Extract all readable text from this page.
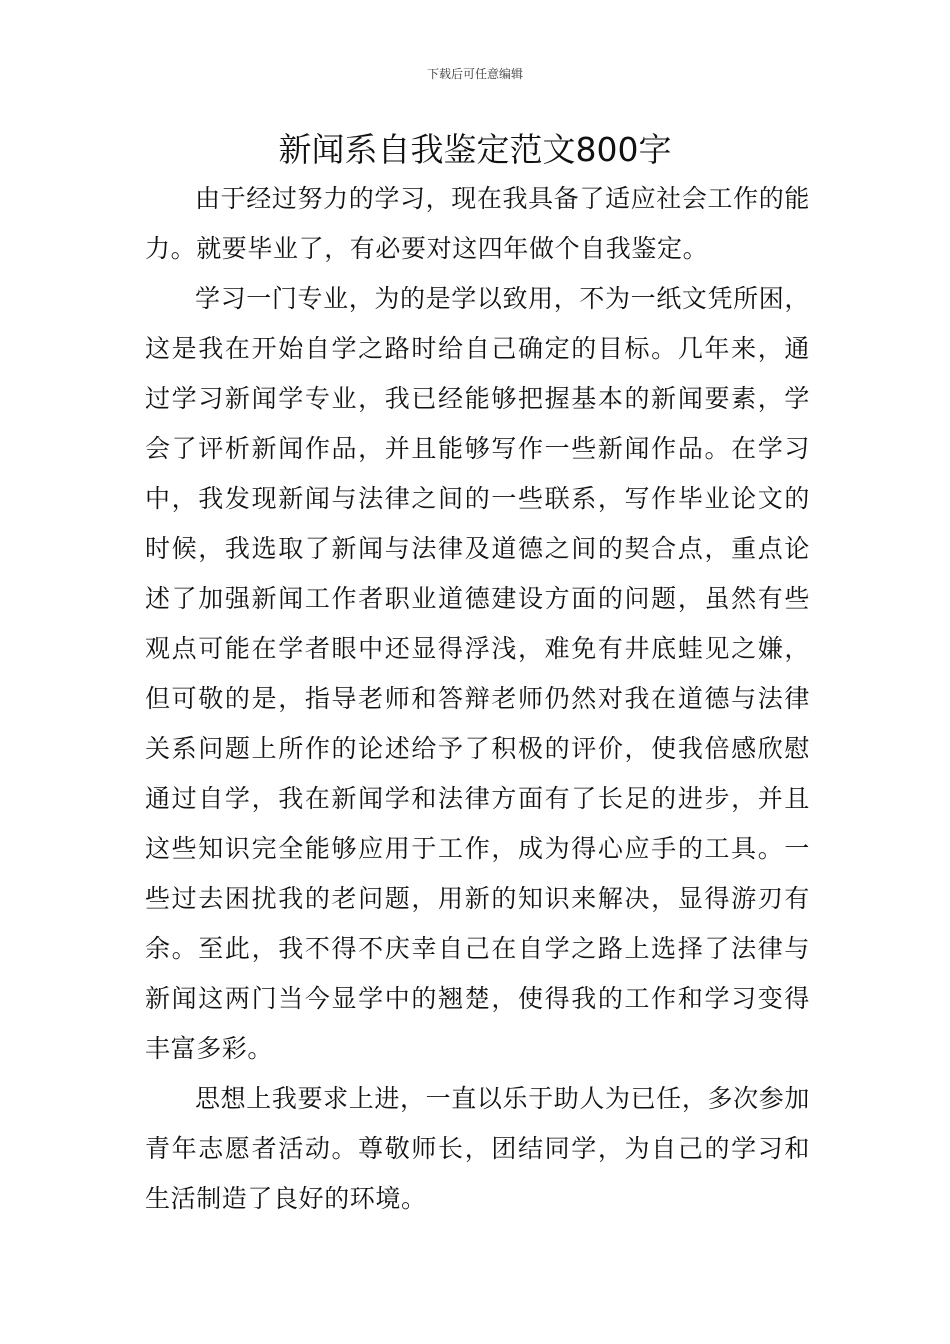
下载后可任意编辑
新闻系自我鉴定范文800字

由于经过努力的学习，现在我具备了适应社会工作的能力。就要毕业了，有必要对这四年做个自我鉴定。

学习一门专业，为的是学以致用，不为一纸文凭所困，这是我在开始自学之路时给自己确定的目标。几年来，通过学习新闻学专业，我已经能够把握基本的新闻要素，学会了评析新闻作品，并且能够写作一些新闻作品。在学习中，我发现新闻与法律之间的一些联系，写作毕业论文的时候，我选取了新闻与法律及道德之间的契合点，重点论述了加强新闻工作者职业道德建设方面的问题，虽然有些观点可能在学者眼中还显得浮浅，难免有井底蛙见之嫌，但可敬的是，指导老师和答辩老师仍然对我在道德与法律关系问题上所作的论述给予了积极的评价，使我倍感欣慰通过自学，我在新闻学和法律方面有了长足的进步，并且这些知识完全能够应用于工作，成为得心应手的工具。一些过去困扰我的老问题，用新的知识来解决，显得游刃有余。至此，我不得不庆幸自己在自学之路上选择了法律与新闻这两门当今显学中的翘楚，使得我的工作和学习变得丰富多彩。

思想上我要求上进，一直以乐于助人为已任，多次参加青年志愿者活动。尊敬师长，团结同学，为自己的学习和生活制造了良好的环境。
